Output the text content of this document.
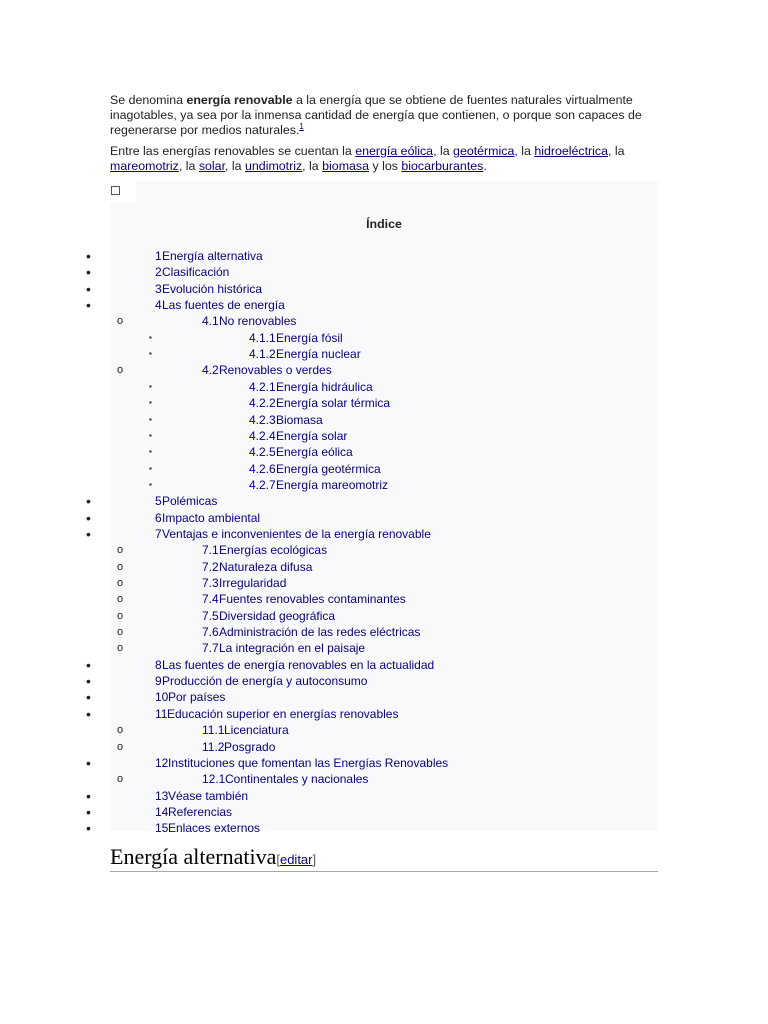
Se denomina energía renovable a la energía que se obtiene de fuentes naturales virtualmente inagotables, ya sea por la inmensa cantidad de energía que contienen, o porque son capaces de regenerarse por medios naturales.$^1$

Entre las energías renovables se cuentan la energía eólica, la geotérmica, la hidroeléctrica, la mareomotriz, la solar, la undimotriz, la biomasa y los biocarburantes.

Índice
•	1 Energía alternativa
•	2 Clasificación
•	3 Evolución histórica
•	4 Las fuentes de energía
o	4.1 No renovables
▪	4.1.1 Energía fósil
▪	4.1.2 Energía nuclear
o	4.2 Renovables o verdes
▪	4.2.1 Energía hidráulica
▪	4.2.2 Energía solar térmica
▪	4.2.3 Biomasa
▪	4.2.4 Energía solar
▪	4.2.5 Energía eólica
▪	4.2.6 Energía geotérmica
▪	4.2.7 Energía mareomotriz
•	5 Polémicas
•	6 Impacto ambiental
•	7 Ventajas e inconvenientes de la energía renovable
o	7.1 Energías ecológicas
o	7.2 Naturaleza difusa
o	7.3 Irregularidad
o	7.4 Fuentes renovables contaminantes
o	7.5 Diversidad geográfica
o	7.6 Administración de las redes eléctricas
o	7.7 La integración en el paisaje
•	8 Las fuentes de energía renovables en la actualidad
•	9 Producción de energía y autoconsumo
•	10 Por países
•	11 Educación superior en energías renovables
o	11.1 Licenciatura
o	11.2 Posgrado
•	12 Instituciones que fomentan las Energías Renovables
o	12.1 Continentales y nacionales
•	13 Véase también
•	14 Referencias
•	15 Enlaces externos
Energía alternativa[editar]
